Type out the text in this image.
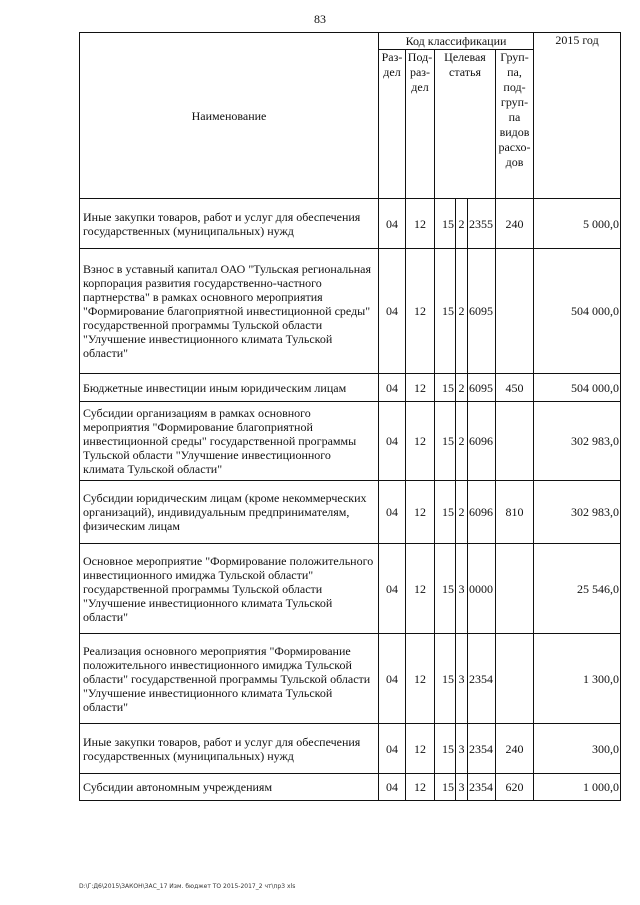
83
Наименование	Код классификации						2015 год
	Раз- дел	Под- раз- дел	Целевая статья			Груп- па, под- груп- па видов расхо- дов	
Иные закупки товаров, работ и услуг для обеспечения государственных (муниципальных) нужд	04	12	15	2	2355	240	5 000,0
Взнос в уставный капитал ОАО "Тульская региональная корпорация развития государственно-частного партнерства" в рамках основного мероприятия "Формирование благоприятной инвестиционной среды" государственной программы Тульской области "Улучшение инвестиционного климата Тульской области"	04	12	15	2	6095		504 000,0
Бюджетные инвестиции иным юридическим лицам	04	12	15	2	6095	450	504 000,0
Субсидии организациям в рамках основного мероприятия "Формирование благоприятной инвестиционной среды" государственной программы Тульской области "Улучшение инвестиционного климата Тульской области"	04	12	15	2	6096		302 983,0
Субсидии юридическим лицам (кроме некоммерческих организаций), индивидуальным предпринимателям, физическим лицам	04	12	15	2	6096	810	302 983,0
Основное мероприятие "Формирование положительного инвестиционного имиджа Тульской области" государственной программы Тульской области "Улучшение инвестиционного климата Тульской области"	04	12	15	3	0000		25 546,0
Реализация основного мероприятия "Формирование положительного инвестиционного имиджа Тульской области" государственной программы Тульской области "Улучшение инвестиционного климата Тульской области"	04	12	15	3	2354		1 300,0
Иные закупки товаров, работ и услуг для обеспечения государственных (муниципальных) нужд	04	12	15	3	2354	240	300,0
Субсидии автономным учреждениям	04	12	15	3	2354	620	1 000,0
D:\Г:Д6\2015\ЗАКОН\ЗАС_17 Изм. бюджет ТО 2015-2017_2 чт\пр3 xls
